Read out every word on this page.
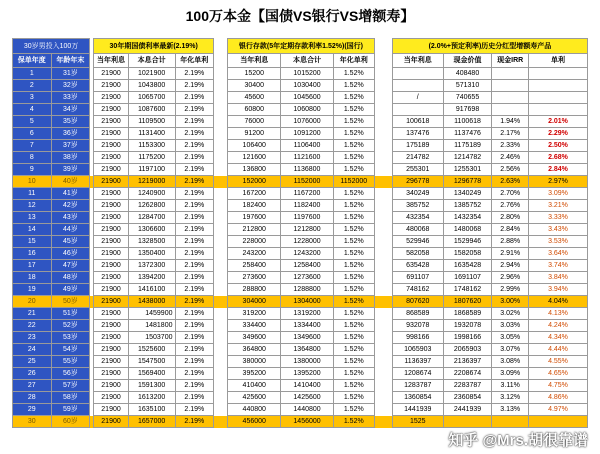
100万本金【国债VS银行VS增额寿】
30岁男投入100万			30年期国债利率最新(2.19%)				银行存款(5年定期存款利率1.52%)(国行)				(2.0%+预定利率)历史分红型增额寿产品			
保单年度	年龄年末		当年利息	本息合计	年化单利		当年利息	本息合计	年化单利		当年利息	现金价值	现金IRR	单利
1	31岁		21900	1021900	2.19%		15200	1015200	1.52%			408480		
2	32岁		21900	1043800	2.19%		30400	1030400	1.52%			571310		
3	33岁		21900	1065700	2.19%		45600	1045600	1.52%		/	740655		
4	34岁		21900	1087600	2.19%		60800	1060800	1.52%			917698		
5	35岁		21900	1109500	2.19%		76000	1076000	1.52%		100618	1100618	1.94%	2.01%
6	36岁		21900	1131400	2.19%		91200	1091200	1.52%		137476	1137476	2.17%	2.29%
7	37岁		21900	1153300	2.19%		106400	1106400	1.52%		175189	1175189	2.33%	2.50%
8	38岁		21900	1175200	2.19%		121600	1121600	1.52%		214782	1214782	2.46%	2.68%
9	39岁		21900	1197100	2.19%		136800	1136800	1.52%		255301	1255301	2.56%	2.84%
10	40岁		21900	1219000	2.19%		152000	1152000	1152000		296778	1296778	2.63%	2.97%
11	41岁		21900	1240900	2.19%		167200	1167200	1.52%		340249	1340249	2.70%	3.09%
12	42岁		21900	1262800	2.19%		182400	1182400	1.52%		385752	1385752	2.76%	3.21%
13	43岁		21900	1284700	2.19%		197600	1197600	1.52%		432354	1432354	2.80%	3.33%
14	44岁		21900	1306600	2.19%		212800	1212800	1.52%		480068	1480068	2.84%	3.43%
15	45岁		21900	1328500	2.19%		228000	1228000	1.52%		529946	1529946	2.88%	3.53%
16	46岁		21900	1350400	2.19%		243200	1243200	1.52%		582058	1582058	2.91%	3.64%
17	47岁		21900	1372300	2.19%		258400	1258400	1.52%		635428	1635428	2.94%	3.74%
18	48岁		21900	1394200	2.19%		273600	1273600	1.52%		691107	1691107	2.96%	3.84%
19	49岁		21900	1416100	2.19%		288800	1288800	1.52%		748162	1748162	2.99%	3.94%
20	50岁		21900	1438000	2.19%		304000	1304000	1.52%		807620	1807620	3.00%	4.04%
21	51岁		21900	1459900	2.19%		319200	1319200	1.52%		868589	1868589	3.02%	4.13%
22	52岁		21900	1481800	2.19%		334400	1334400	1.52%		932078	1932078	3.03%	4.24%
23	53岁		21900	1503700	2.19%		349600	1349600	1.52%		998166	1998166	3.05%	4.34%
24	54岁		21900	1525600	2.19%		364800	1364800	1.52%		1065903	2065903	3.07%	4.44%
25	55岁		21900	1547500	2.19%		380000	1380000	1.52%		1136397	2136397	3.08%	4.55%
26	56岁		21900	1569400	2.19%		395200	1395200	1.52%		1208674	2208674	3.09%	4.65%
27	57岁		21900	1591300	2.19%		410400	1410400	1.52%		1283787	2283787	3.11%	4.75%
28	58岁		21900	1613200	2.19%		425600	1425600	1.52%		1360854	2360854	3.12%	4.86%
29	59岁		21900	1635100	2.19%		440800	1440800	1.52%		1441939	2441939	3.13%	4.97%
30	60岁		21900	1657000	2.19%		456000	1456000	1.52%		1525			
知乎 @Mrs.胡很靠谱
